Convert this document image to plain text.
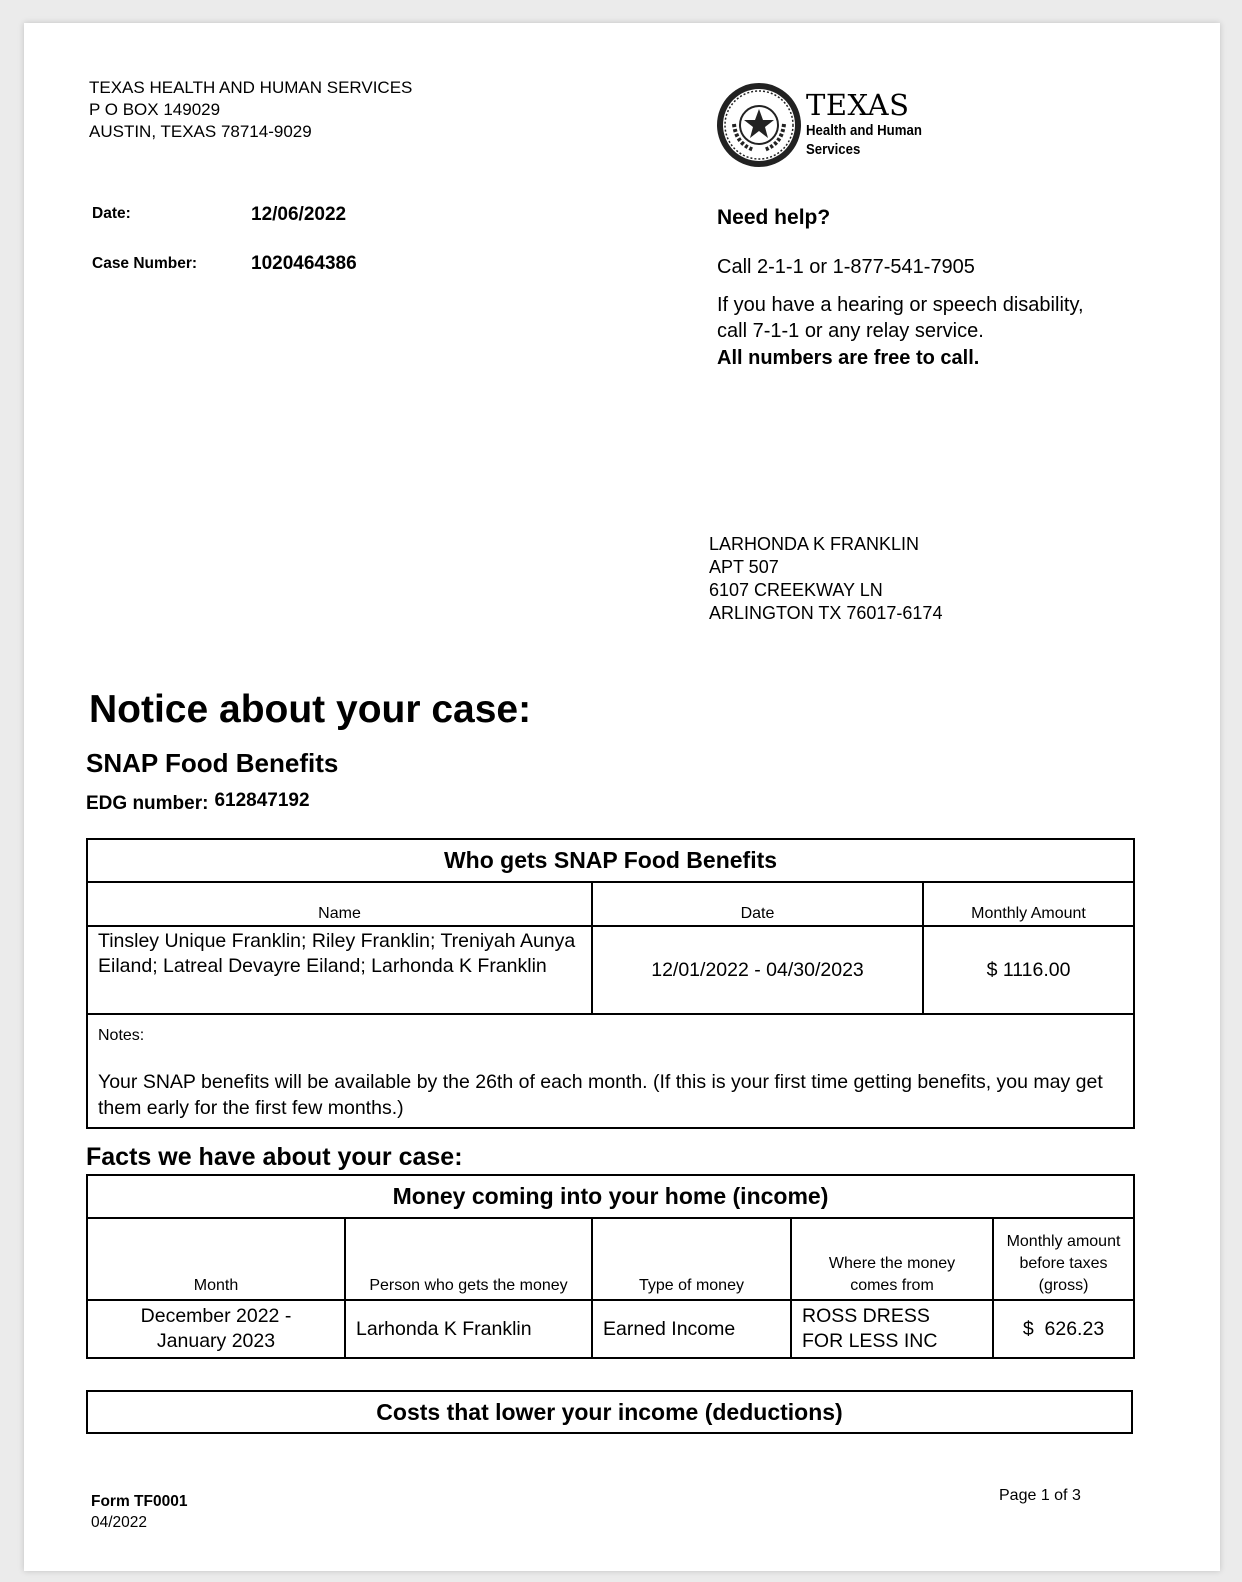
TEXAS HEALTH AND HUMAN SERVICES
P O BOX 149029
AUSTIN, TEXAS 78714-9029
TEXAS
Health and Human
Services
Date:	12/06/2022
Case Number:	1020464386
Need help?
Call 2-1-1 or 1-877-541-7905
If you have a hearing or speech disability,
call 7-1-1 or any relay service.
All numbers are free to call.
LARHONDA K FRANKLIN
APT 507
6107 CREEKWAY LN
ARLINGTON TX 76017-6174
Notice about your case:
SNAP Food Benefits
EDG number: 612847192
Who gets SNAP Food Benefits		
Name	Date	Monthly Amount
Tinsley Unique Franklin; Riley Franklin; Treniyah Aunya Eiland; Latreal Devayre Eiland; Larhonda K Franklin	12/01/2022 - 04/30/2023	$ 1116.00

Notes:
Your SNAP benefits will be available by the 26th of each month. (If this is your first time getting benefits, you may get them early for the first few months.)		
Facts we have about your case:
Money coming into your home (income)				
Month	Person who gets the money	Type of money	Where the money comes from	Monthly amount before taxes (gross)
December 2022 - January 2023	Larhonda K Franklin	Earned Income	ROSS DRESS FOR LESS INC	$  626.23
Costs that lower your income (deductions)
Form TF0001
04/2022
Page 1 of 3
